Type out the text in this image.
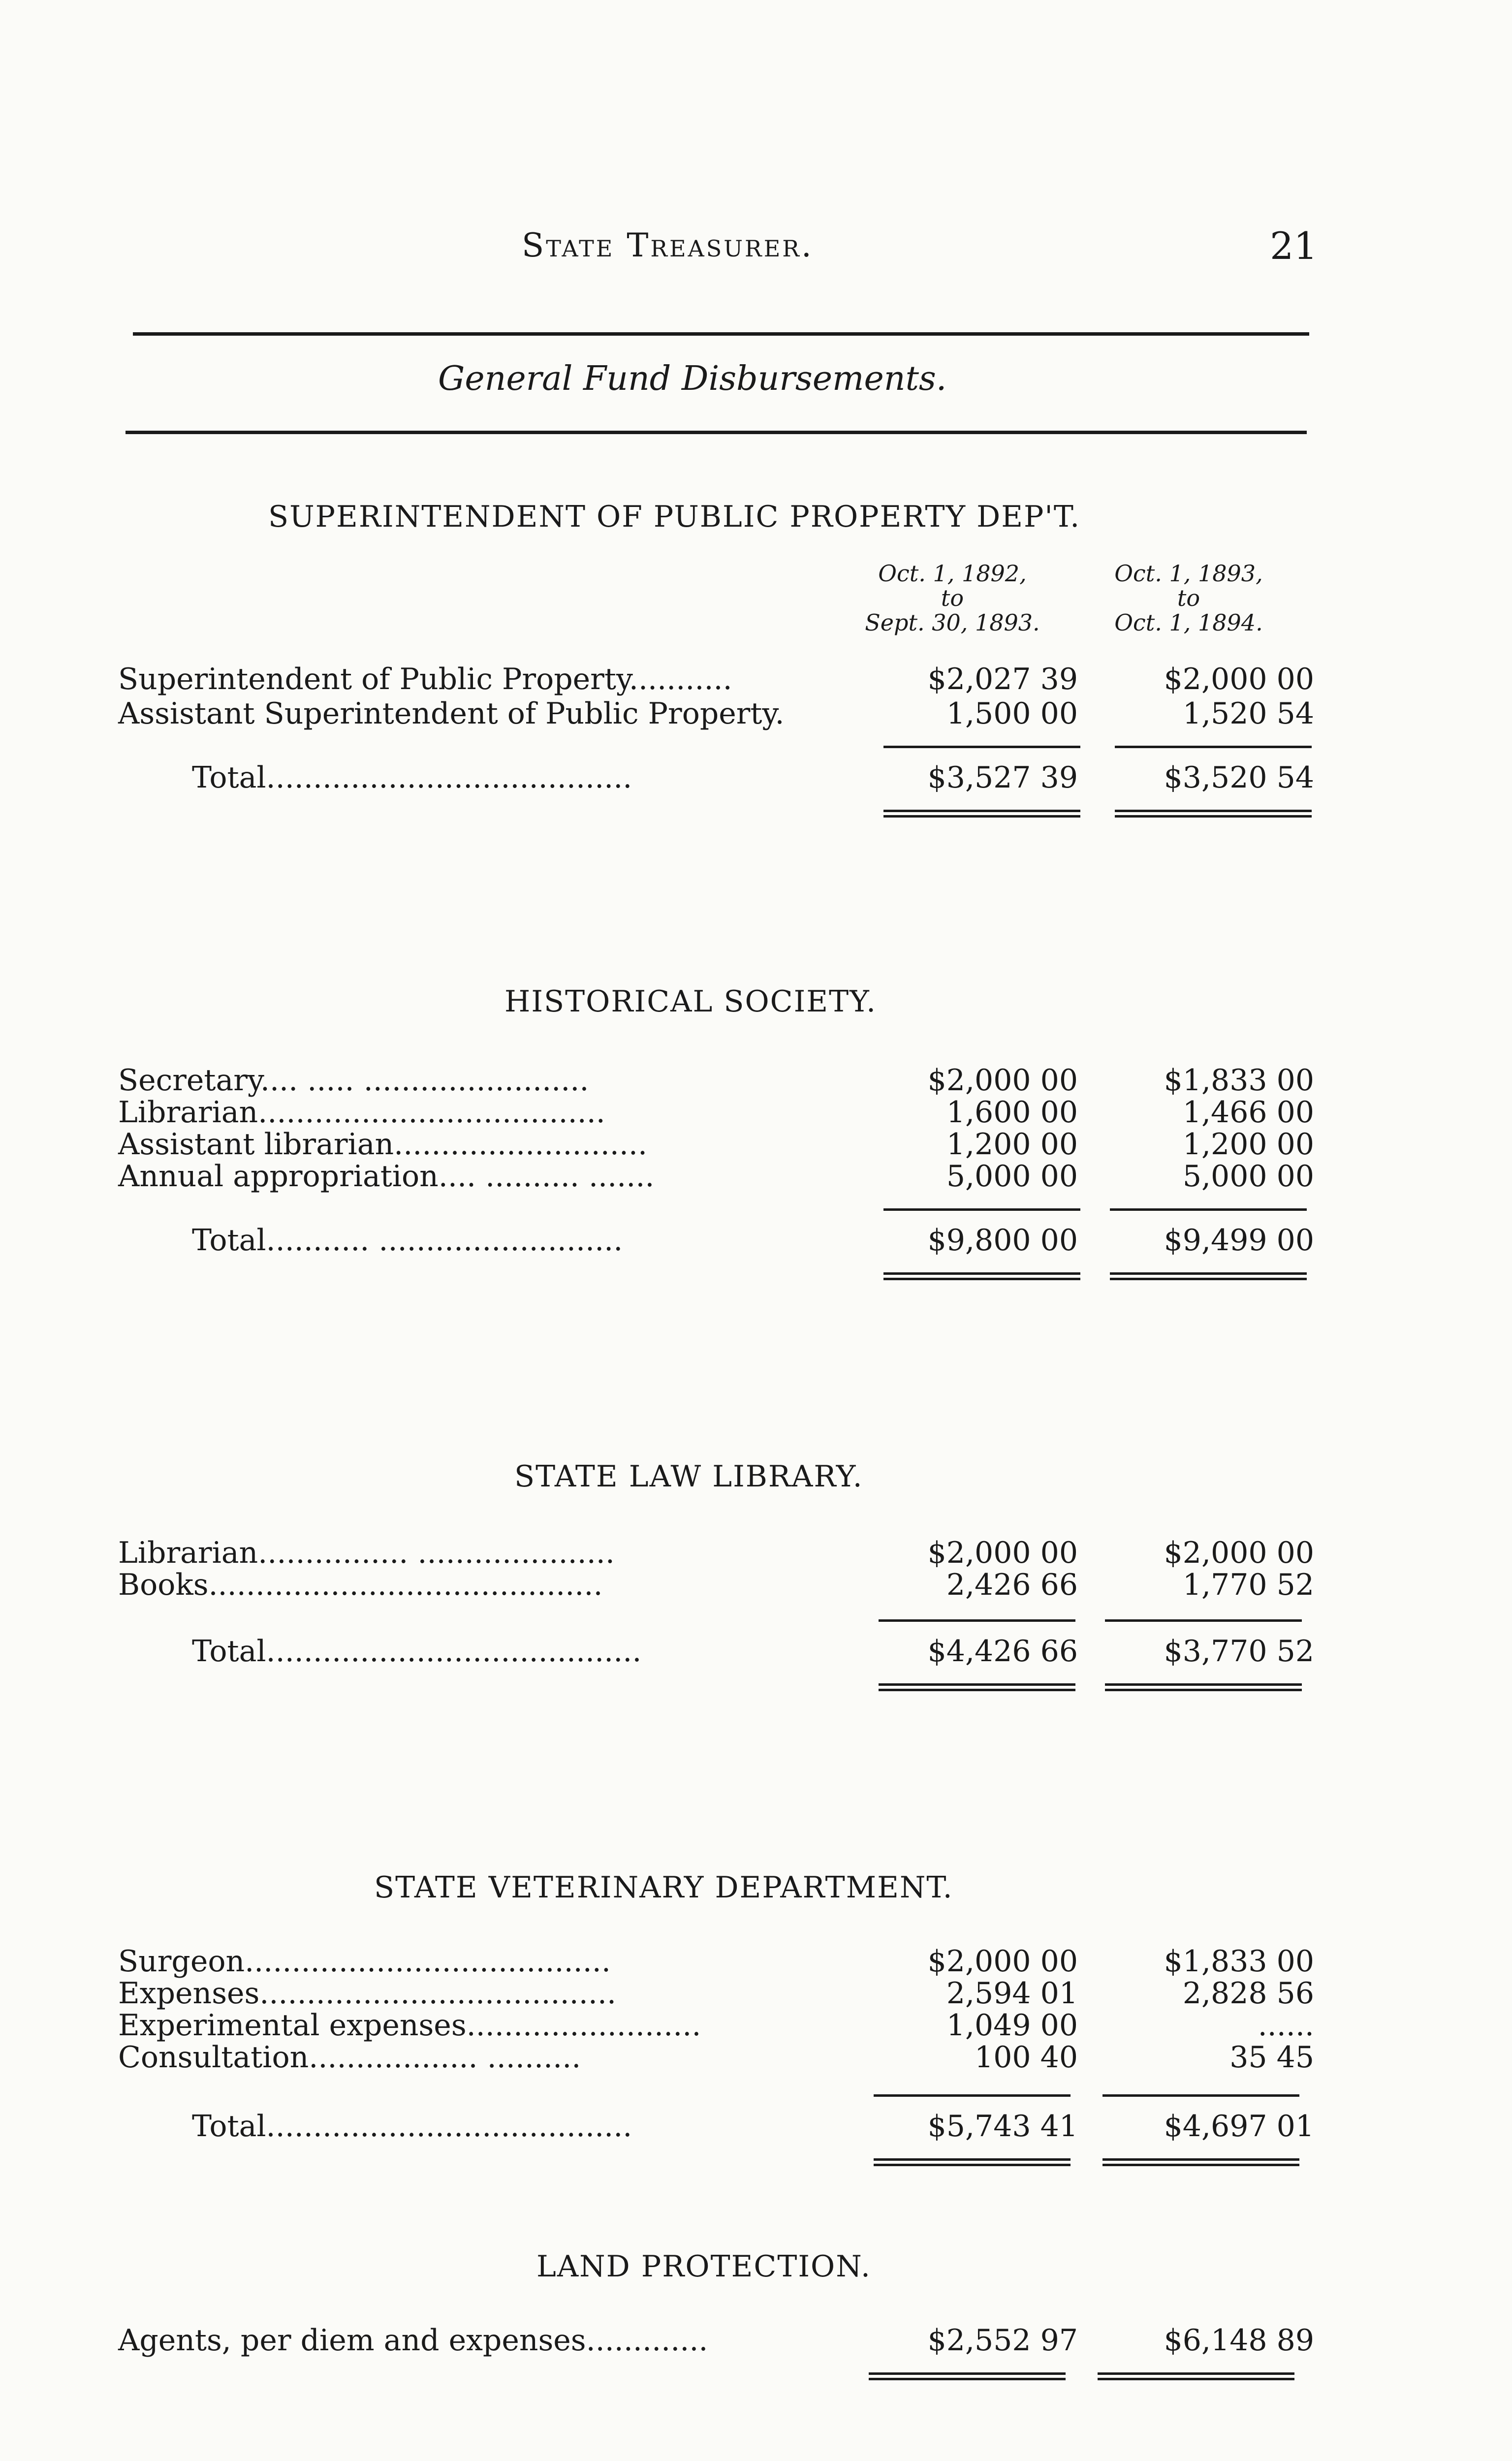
State Treasurer.	21
General Fund Disbursements.
SUPERINTENDENT OF PUBLIC PROPERTY DEP'T.
Oct. 1, 1892,
to
Sept. 30, 1893.
Oct. 1, 1893,
to
Oct. 1, 1894.
Superintendent of Public Property...........	$2,027 39	$2,000 00
Assistant Superintendent of Public Property.	1,500 00	1,520 54
Total.......................................	$3,527 39	$3,520 54
HISTORICAL SOCIETY.
Secretary.... ..... ........................	$2,000 00	$1,833 00
Librarian.....................................	1,600 00	1,466 00
Assistant librarian...........................	1,200 00	1,200 00
Annual appropriation.... .......... .......	5,000 00	5,000 00
Total........... ..........................	$9,800 00	$9,499 00
STATE LAW LIBRARY.
Librarian................ .....................	$2,000 00	$2,000 00
Books..........................................	2,426 66	1,770 52
Total........................................	$4,426 66	$3,770 52
STATE VETERINARY DEPARTMENT.
Surgeon.......................................	$2,000 00	$1,833 00
Expenses......................................	2,594 01	2,828 56
Experimental expenses.........................	1,049 00	......
Consultation.................. ..........	100 40	35 45
Total.......................................	$5,743 41	$4,697 01
LAND PROTECTION.
Agents, per diem and expenses.............	$2,552 97	$6,148 89
